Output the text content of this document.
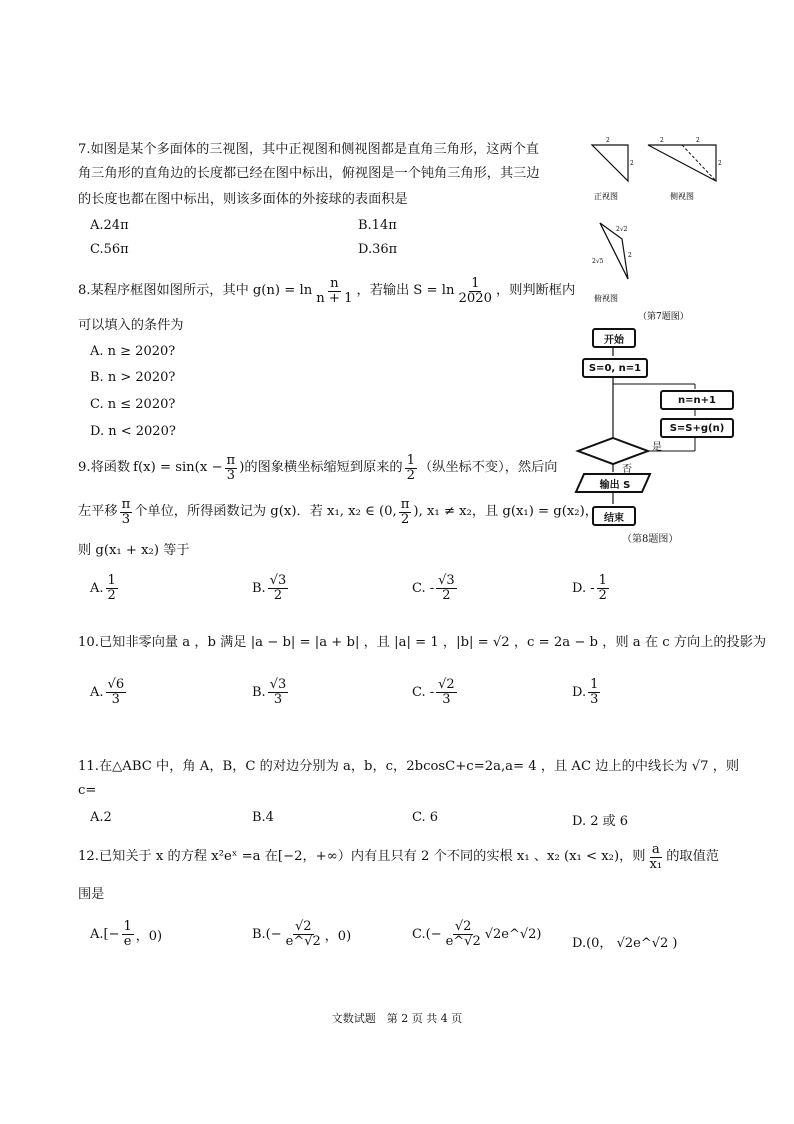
7.如图是某个多面体的三视图，其中正视图和侧视图都是直角三角形，这两个直
角三角形的直角边的长度都已经在图中标出，俯视图是一个钝角三角形，其三边
的长度也都在图中标出，则该多面体的外接球的表面积是
A.24π	B.14π
C.56π	D.36π
2
2
正视图
2	2
2
侧视图
2√2
2√5
2
俯视图
（第7题图）
8.某程序框图如图所示，其中 $g(n) = \ln \frac{n}{n + 1}$ ，若输出 $S = \ln \frac{1}{2020}$ ，则判断框内
可以填入的条件为
A. n ≥ 2020?
B. n > 2020?
C. n ≤ 2020?
D. n < 2020?
开始
S=0, n=1
n=n+1
S=S+g(n)
是
否
输出 S
结束
（第8题图）
9.将函数 $f(x) = \sin(x - \frac{\pi}{3}$ )的图象横坐标缩短到原来的 $\frac{1}{2}$ （纵坐标不变），然后向
左平移 $\frac{\pi}{3}$ 个单位，所得函数记为 g(x)．若 x₁, x₂ ∈ (0, $\frac{\pi}{2}$ ), x₁ ≠ x₂，且 g(x₁) = g(x₂)，
则 g(x₁ + x₂) 等于
A. $\frac{1}{2}$	B. $\frac{√3}{2}$	C. - $\frac{√3}{2}$	D. - $\frac{1}{2}$
10.已知非零向量 a ，b 满足 |a − b| = |a + b| ，且 |a| = 1 ，|b| = √2 ，c = 2a − b ，则 a 在 c 方向上的投影为
A. $\frac{√6}{3}$	B. $\frac{√3}{3}$	C. - $\frac{√2}{3}$	D. $\frac{1}{3}$
11.在△ABC 中，角 A，B，C 的对边分别为 a，b，c，2bcosC+c=2a,a= 4 ，且 AC 边上的中线长为 √7 ，则
c=
A.2	B.4	C. 6	D. 2 或 6
12.已知关于 x 的方程 x²eˣ =a 在[−2，+∞）内有且只有 2 个不同的实根 x₁ 、x₂ (x₁ < x₂)，则 $\frac{a}{\text{x₁}}$ 的取值范
围是
$A.[- \frac{1}{e}$ ，0)	$B.(- \frac{√2}{e\^{}√2}$ ，0)	$C.(- \frac{√2}{e\^{}√2}$ √2e^√2)
D.(0， √2e^√2 )
文数试题　第 2 页 共 4 页
